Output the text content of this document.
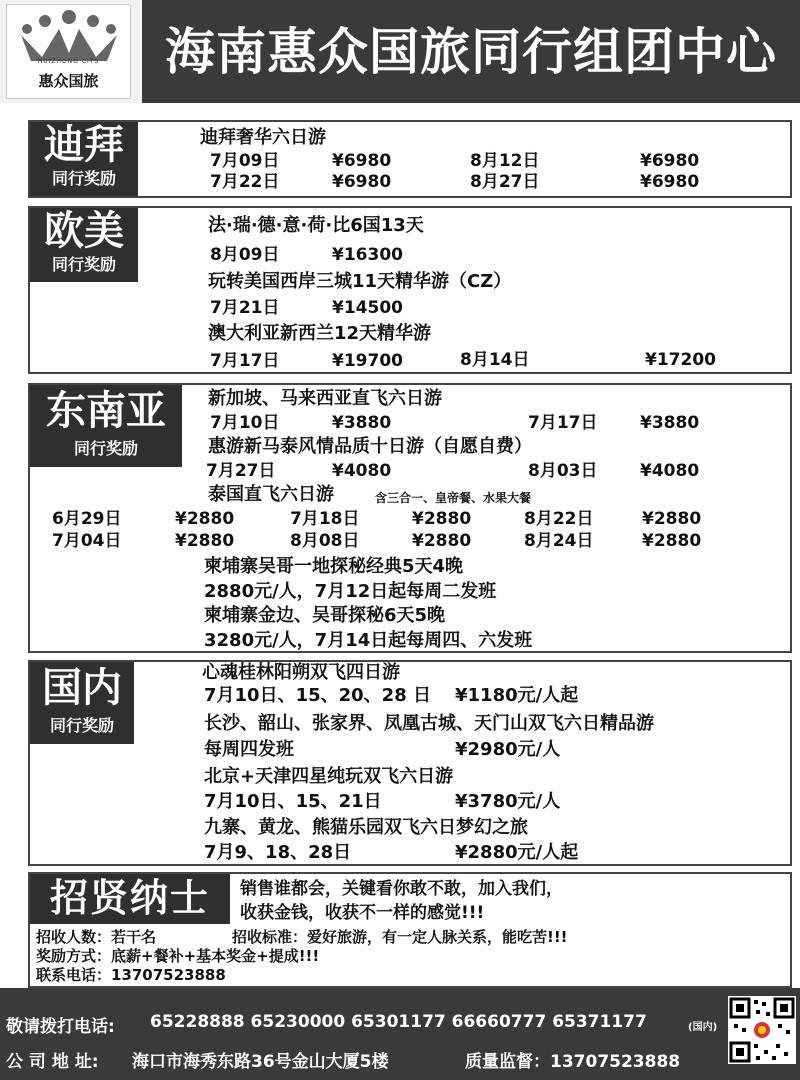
HUIZHONG CITS
惠众国旅	海南惠众国旅同行组团中心
迪拜
同行奖励
迪拜奢华六日游
7月09日	¥6980	8月12日	¥6980
7月22日	¥6980	8月27日	¥6980
欧美
同行奖励
法·瑞·德·意·荷·比6国13天
8月09日	¥16300
玩转美国西岸三城11天精华游（CZ）
7月21日	¥14500
澳大利亚新西兰12天精华游
7月17日	¥19700	8月14日	¥17200
东南亚
同行奖励
新加坡、马来西亚直飞六日游
7月10日	¥3880	7月17日	¥3880
惠游新马泰风情品质十日游（自愿自费）
7月27日	¥4080	8月03日	¥4080
泰国直飞六日游	含三合一、皇帝餐、水果大餐
6月29日	¥2880	7月18日	¥2880	8月22日	¥2880
7月04日	¥2880	8月08日	¥2880	8月24日	¥2880
柬埔寨吴哥一地探秘经典5天4晚
2880元/人，7月12日起每周二发班
柬埔寨金边、吴哥探秘6天5晚
3280元/人，7月14日起每周四、六发班
国内
同行奖励
心魂桂林阳朔双飞四日游
7月10日、15、20、28 日 ¥1180元/人起
长沙、韶山、张家界、凤凰古城、天门山双飞六日精品游
每周四发班	¥2980元/人
北京+天津四星纯玩双飞六日游
7月10日、15、21日	¥3780元/人
九寨、黄龙、熊猫乐园双飞六日梦幻之旅
7月9、18、28日	¥2880元/人起
招贤纳士	销售谁都会，关键看你敢不敢，加入我们，
收获金钱，收获不一样的感觉!!!
招收人数：若干名	招收标准：爱好旅游，有一定人脉关系，能吃苦!!!
奖励方式：底薪+餐补+基本奖金+提成!!!
联系电话：13707523888
敬请拨打电话: 65228888 65230000 65301177 66660777 65371177	(国内)
公 司 地 址: 海口市海秀东路36号金山大厦5楼	质量监督：13707523888
